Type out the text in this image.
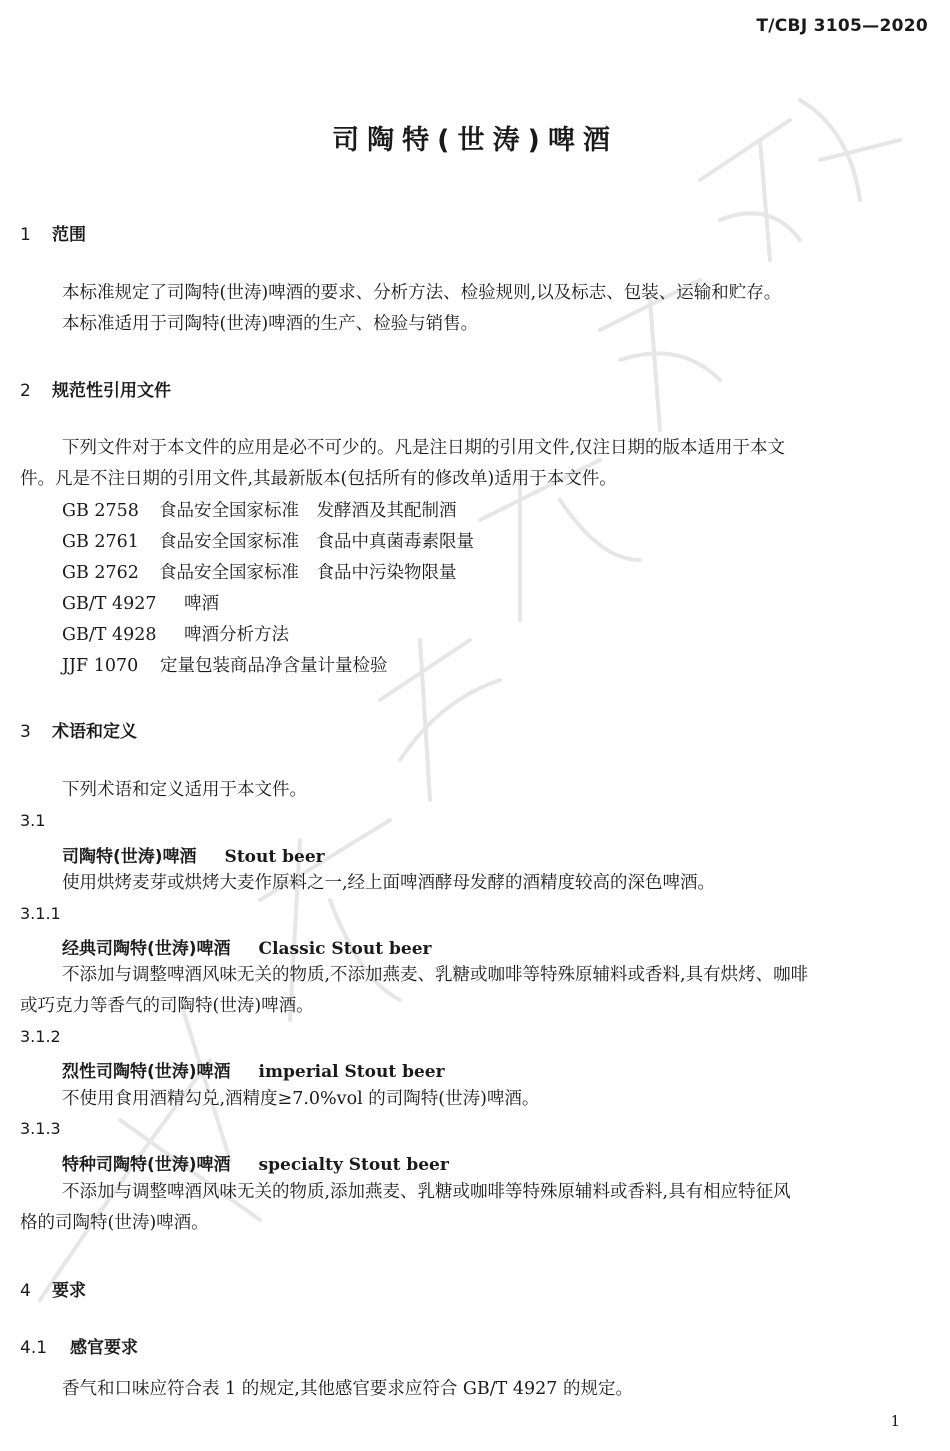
T/CBJ 3105—2020
司陶特(世涛)啤酒
1 范围
本标准规定了司陶特(世涛)啤酒的要求、分析方法、检验规则,以及标志、包装、运输和贮存。
本标准适用于司陶特(世涛)啤酒的生产、检验与销售。
2 规范性引用文件
下列文件对于本文件的应用是必不可少的。凡是注日期的引用文件,仅注日期的版本适用于本文
件。凡是不注日期的引用文件,其最新版本(包括所有的修改单)适用于本文件。
GB 2758 食品安全国家标准　发酵酒及其配制酒
GB 2761 食品安全国家标准　食品中真菌毒素限量
GB 2762 食品安全国家标准　食品中污染物限量
GB/T 4927 啤酒
GB/T 4928 啤酒分析方法
JJF 1070 定量包装商品净含量计量检验
3 术语和定义
下列术语和定义适用于本文件。
3.1
司陶特(世涛)啤酒 Stout beer
使用烘烤麦芽或烘烤大麦作原料之一,经上面啤酒酵母发酵的酒精度较高的深色啤酒。
3.1.1
经典司陶特(世涛)啤酒 Classic Stout beer
不添加与调整啤酒风味无关的物质,不添加燕麦、乳糖或咖啡等特殊原辅料或香料,具有烘烤、咖啡
或巧克力等香气的司陶特(世涛)啤酒。
3.1.2
烈性司陶特(世涛)啤酒 imperial Stout beer
不使用食用酒精勾兑,酒精度≥7.0%vol 的司陶特(世涛)啤酒。
3.1.3
特种司陶特(世涛)啤酒 specialty Stout beer
不添加与调整啤酒风味无关的物质,添加燕麦、乳糖或咖啡等特殊原辅料或香料,具有相应特征风
格的司陶特(世涛)啤酒。
4 要求
4.1 感官要求
香气和口味应符合表 1 的规定,其他感官要求应符合 GB/T 4927 的规定。
1
